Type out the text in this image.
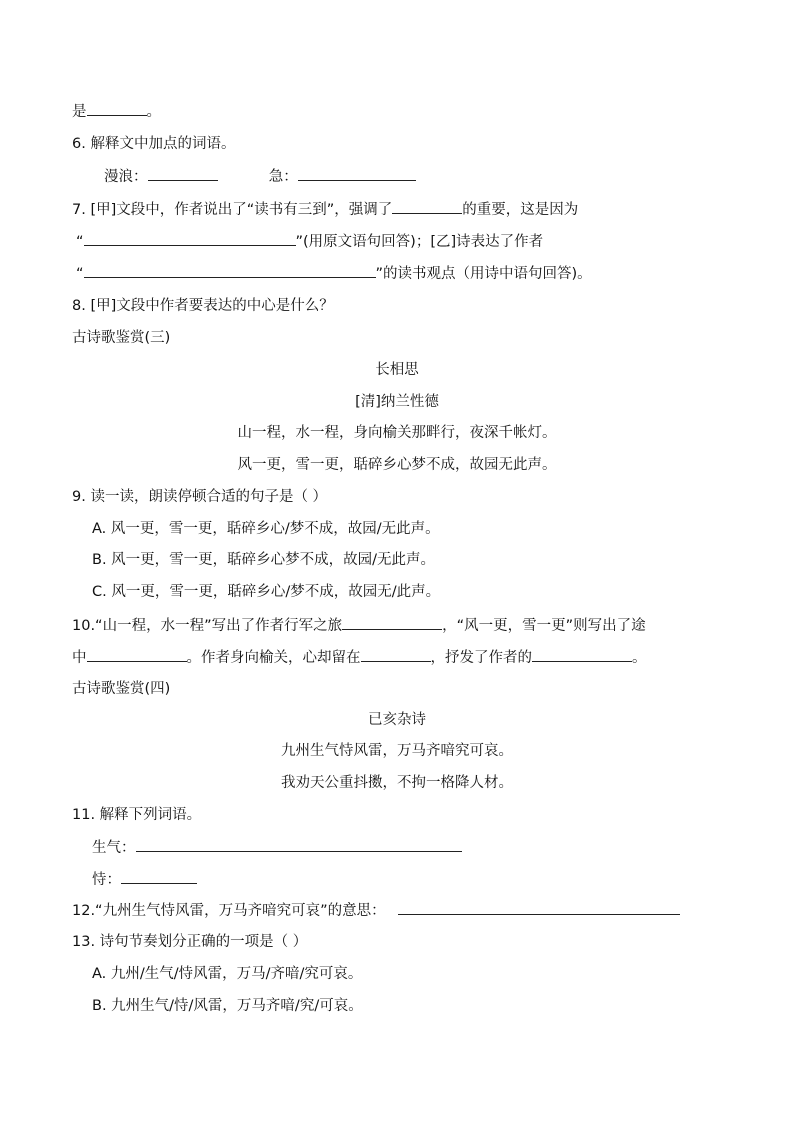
是	。
6. 解释文中加点的词语。
漫浪：	急：
7. [甲]文段中，作者说出了“读书有三到”，强调了	的重要，这是因为
“	”(用原文语句回答)；[乙]诗表达了作者
“	”的读书观点（用诗中语句回答)。
8. [甲]文段中作者要表达的中心是什么？
古诗歌鉴赏(三)
长相思
[清]纳兰性德
山一程，水一程，身向榆关那畔行，夜深千帐灯。
风一更，雪一更，聒碎乡心梦不成，故园无此声。
9. 读一读，朗读停顿合适的句子是（ ）
A. 风一更，雪一更，聒碎乡心/梦不成，故园/无此声。
B. 风一更，雪一更，聒碎乡心梦不成，故园/无此声。
C. 风一更，雪一更，聒碎乡心/梦不成，故园无/此声。
10.“山一程，水一程”写出了作者行军之旅	，“风一更，雪一更”则写出了途
中	。作者身向榆关，心却留在	，抒发了作者的	。
古诗歌鉴赏(四)
已亥杂诗
九州生气恃风雷，万马齐喑究可哀。
我劝天公重抖擞，不拘一格降人材。
11. 解释下列词语。
生气：
恃：
12.“九州生气恃风雷，万马齐喑究可哀”的意思：
13. 诗句节奏划分正确的一项是（ ）
A. 九州/生气/恃风雷，万马/齐喑/究可哀。
B. 九州生气/恃/风雷，万马齐喑/究/可哀。
